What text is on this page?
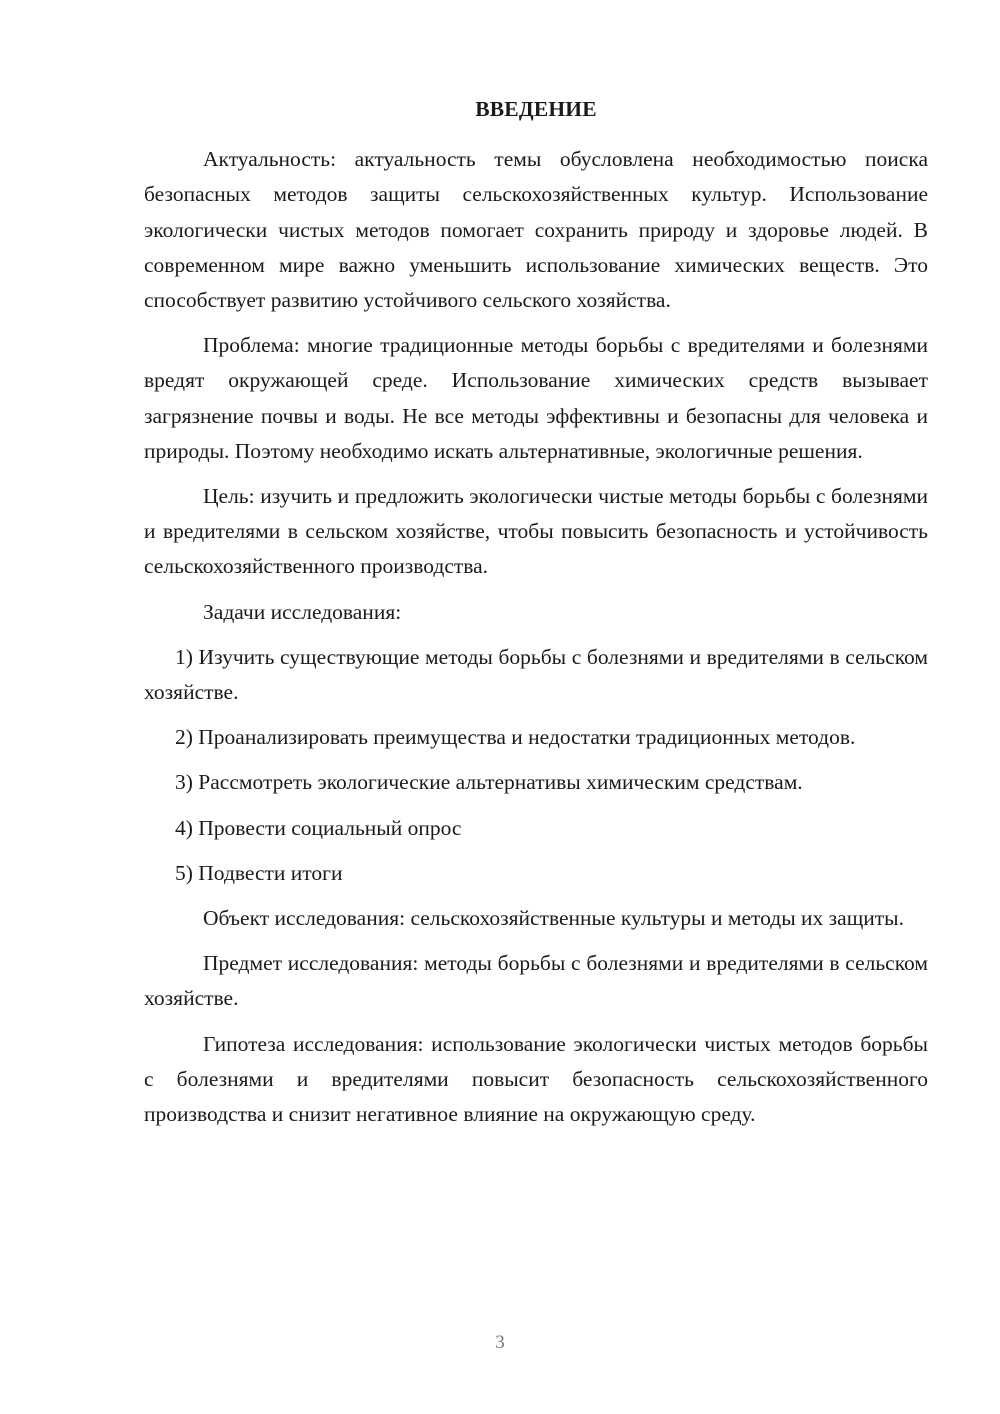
ВВЕДЕНИЕ

Актуальность: актуальность темы обусловлена необходимостью поиска безопасных методов защиты сельскохозяйственных культур. Использование экологически чистых методов помогает сохранить природу и здоровье людей. В современном мире важно уменьшить использование химических веществ. Это способствует развитию устойчивого сельского хозяйства.

Проблема: многие традиционные методы борьбы с вредителями и болезнями вредят окружающей среде. Использование химических средств вызывает загрязнение почвы и воды. Не все методы эффективны и безопасны для человека и природы. Поэтому необходимо искать альтернативные, экологичные решения.

Цель: изучить и предложить экологически чистые методы борьбы с болезнями и вредителями в сельском хозяйстве, чтобы повысить безопасность и устойчивость сельскохозяйственного производства.

Задачи исследования:

1) Изучить существующие методы борьбы с болезнями и вредителями в сельском хозяйстве.

2) Проанализировать преимущества и недостатки традиционных методов.

3) Рассмотреть экологические альтернативы химическим средствам.

4) Провести социальный опрос

5) Подвести итоги

Объект исследования: сельскохозяйственные культуры и методы их защиты.

Предмет исследования: методы борьбы с болезнями и вредителями в сельском хозяйстве.

Гипотеза исследования: использование экологически чистых методов борьбы с болезнями и вредителями повысит безопасность сельскохозяйственного производства и снизит негативное влияние на окружающую среду.

3
